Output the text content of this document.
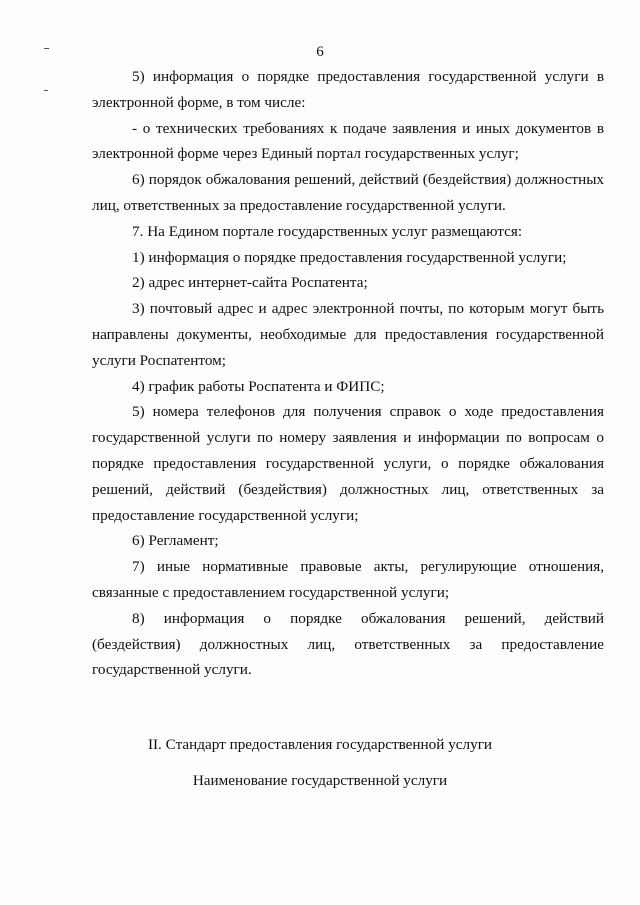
6

5) информация о порядке предоставления государственной услуги в электронной форме, в том числе:

- о технических требованиях к подаче заявления и иных документов в электронной форме через Единый портал государственных услуг;

6) порядок обжалования решений, действий (бездействия) должностных лиц, ответственных за предоставление государственной услуги.

7. На Едином портале государственных услуг размещаются:

1) информация о порядке предоставления государственной услуги;

2) адрес интернет-сайта Роспатента;

3) почтовый адрес и адрес электронной почты, по которым могут быть направлены документы, необходимые для предоставления государственной услуги Роспатентом;

4) график работы Роспатента и ФИПС;

5) номера телефонов для получения справок о ходе предоставления государственной услуги по номеру заявления и информации по вопросам о порядке предоставления государственной услуги, о порядке обжалования решений, действий (бездействия) должностных лиц, ответственных за предоставление государственной услуги;

6) Регламент;

7) иные нормативные правовые акты, регулирующие отношения, связанные с предоставлением государственной услуги;

8) информация о порядке обжалования решений, действий (бездействия) должностных лиц, ответственных за предоставление государственной услуги.

II. Стандарт предоставления государственной услуги

Наименование государственной услуги
